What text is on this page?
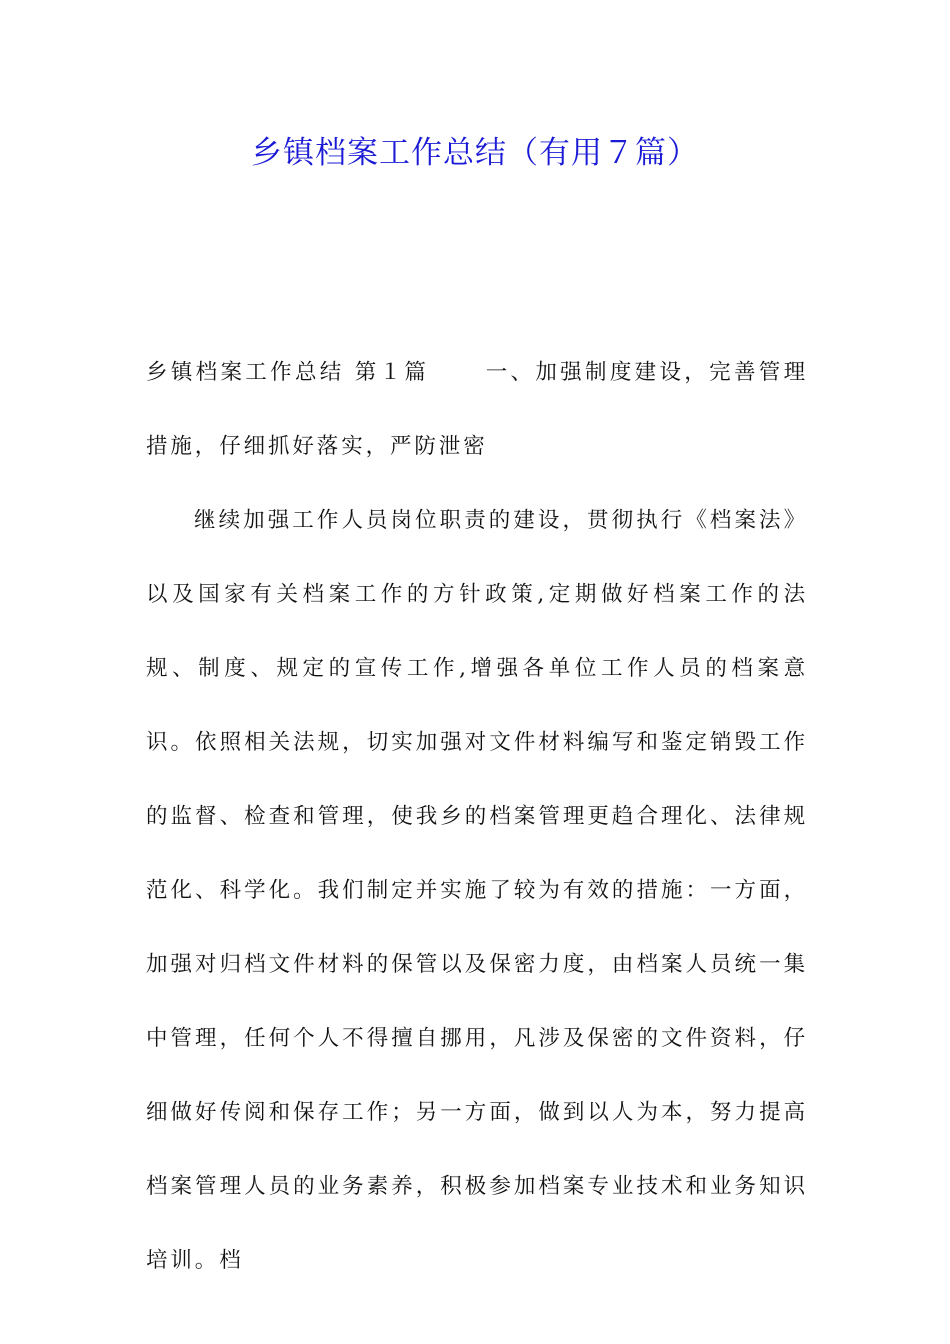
乡镇档案工作总结（有用７篇）

乡镇档案工作总结 第１篇	一、加强制度建设，完善管理措施，仔细抓好落实，严防泄密

继续加强工作人员岗位职责的建设，贯彻执行《档案法》以及国家有关档案工作的方针政策,定期做好档案工作的法规、制度、规定的宣传工作,增强各单位工作人员的档案意识。依照相关法规，切实加强对文件材料编写和鉴定销毁工作的监督、检查和管理，使我乡的档案管理更趋合理化、法律规范化、科学化。我们制定并实施了较为有效的措施：一方面，加强对归档文件材料的保管以及保密力度，由档案人员统一集中管理，任何个人不得擅自挪用，凡涉及保密的文件资料，仔细做好传阅和保存工作；另一方面，做到以人为本，努力提高档案管理人员的业务素养，积极参加档案专业技术和业务知识培训。档
